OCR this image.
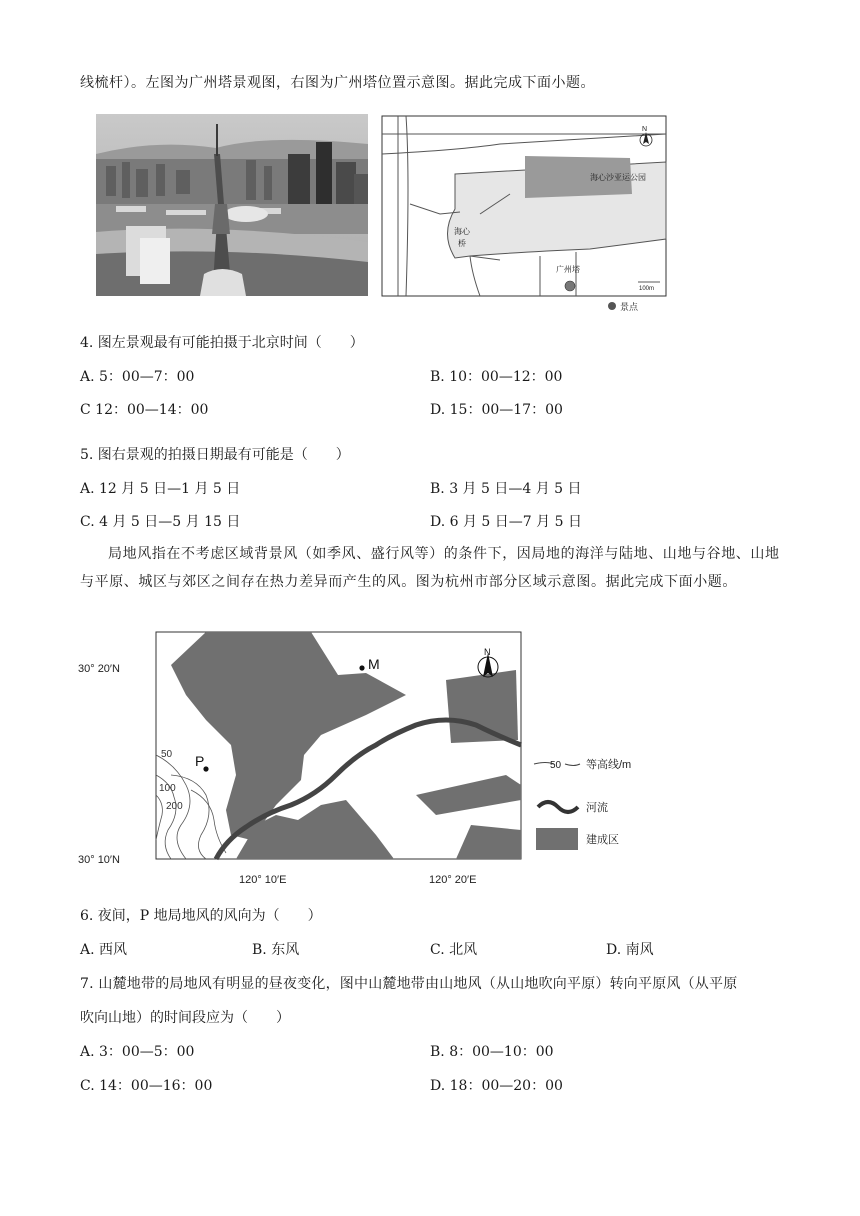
线梳杆）。左图为广州塔景观图，右图为广州塔位置示意图。据此完成下面小题。
海心沙亚运公园
海心
桥
广州塔
N
100m
景点
4. 图左景观最有可能拍摄于北京时间（　　）
A. 5：00—7：00	B. 10：00—12：00
C 12：00—14：00	D. 15：00—17：00
5. 图右景观的拍摄日期最有可能是（　　）
A. 12 月 5 日—1 月 5 日	B. 3 月 5 日—4 月 5 日
C. 4 月 5 日—5 月 15 日	D. 6 月 5 日—7 月 5 日
局地风指在不考虑区域背景风（如季风、盛行风等）的条件下，因局地的海洋与陆地、山地与谷地、山地与平原、城区与郊区之间存在热力差异而产生的风。图为杭州市部分区域示意图。据此完成下面小题。
M
P
50
100
200
N
30° 20′N
30° 10′N
120° 10′E	120° 20′E
50 等高线/m
河流
建成区
6. 夜间，P 地局地风的风向为（　　）
A. 西风	B. 东风	C. 北风	D. 南风
7. 山麓地带的局地风有明显的昼夜变化，图中山麓地带由山地风（从山地吹向平原）转向平原风（从平原
吹向山地）的时间段应为（　　）
A. 3：00—5：00	B. 8：00—10：00
C. 14：00—16：00	D. 18：00—20：00
